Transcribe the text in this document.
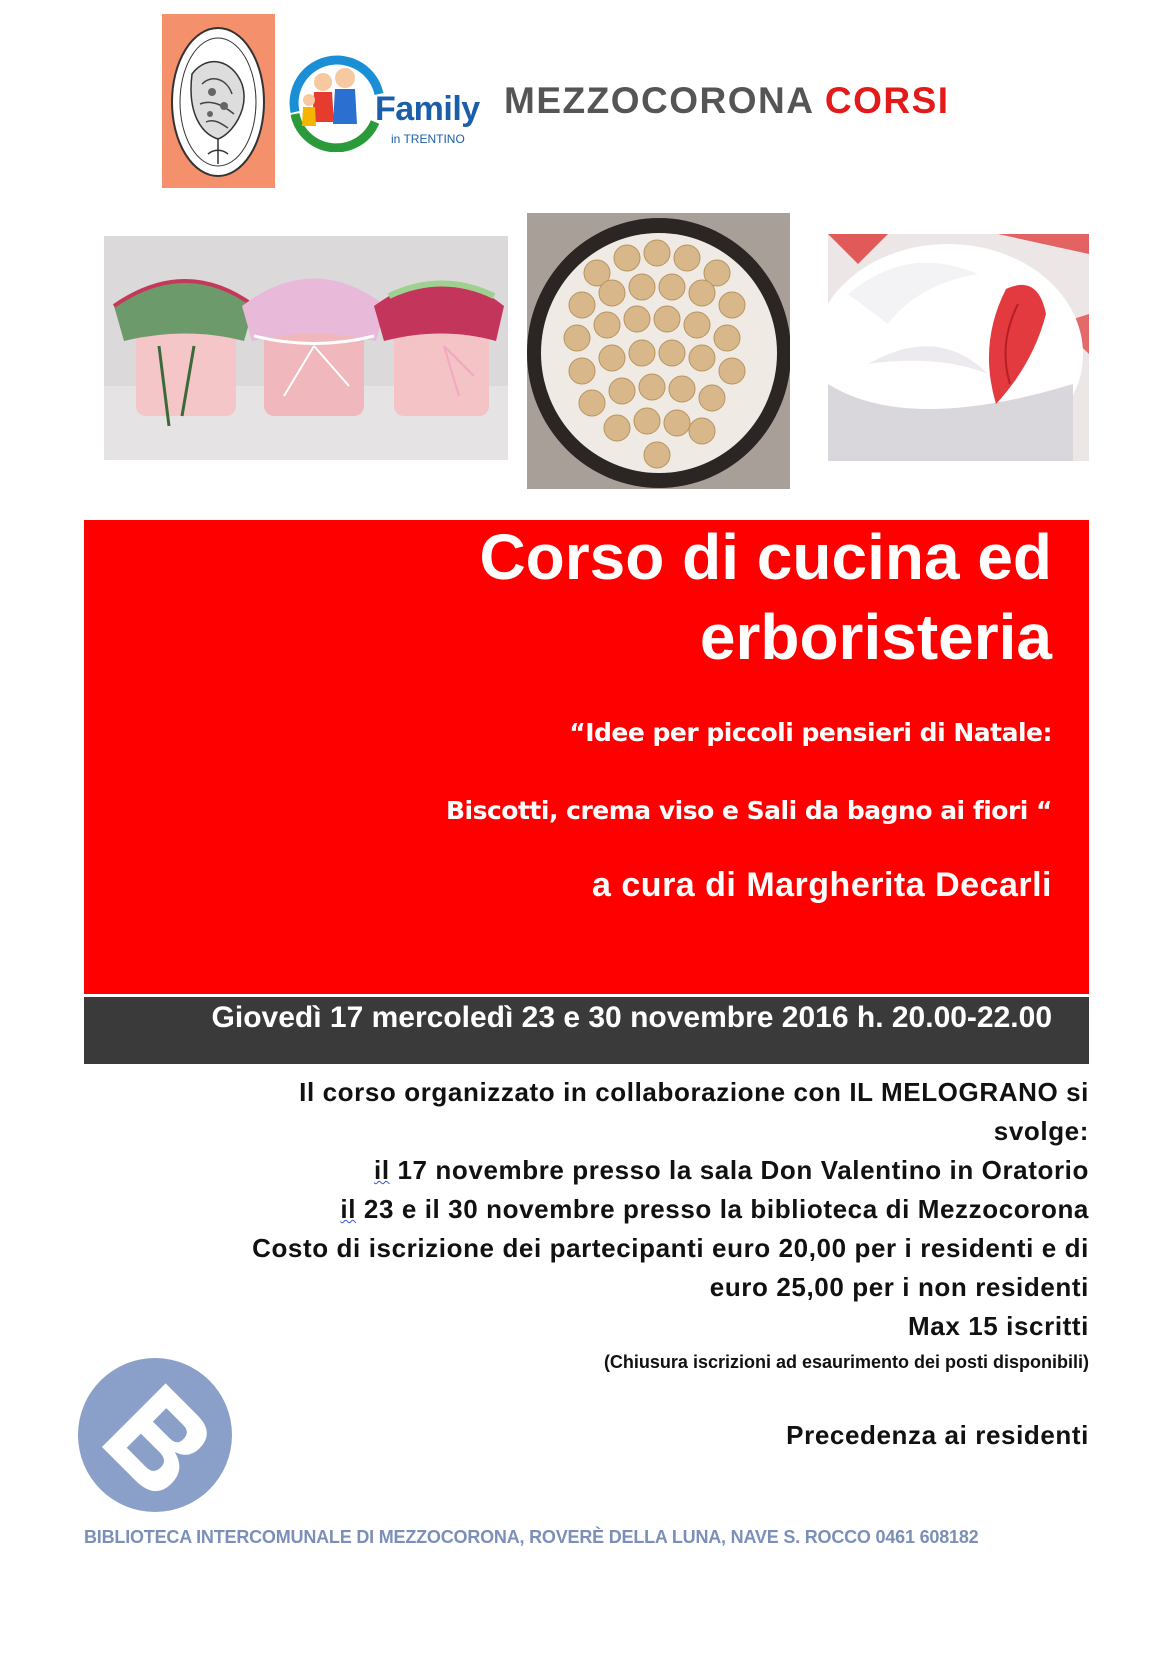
Family
in TRENTINO
MEZZOCORONA CORSI
Corso di cucina ed
erboristeria
“Idee per piccoli pensieri di Natale:
Biscotti, crema viso e Sali da bagno ai fiori “
a cura di Margherita Decarli
Giovedì 17 mercoledì 23 e 30 novembre 2016 h. 20.00-22.00
Il corso organizzato in collaborazione con IL MELOGRANO si
svolge:
il 17 novembre presso la sala Don Valentino in Oratorio
il 23 e il 30 novembre presso la biblioteca di Mezzocorona
Costo di iscrizione dei partecipanti euro 20,00 per i residenti e di
euro 25,00 per i non residenti
Max 15 iscritti
(Chiusura iscrizioni ad esaurimento dei posti disponibili)
Precedenza ai residenti
BIBLIOTECA INTERCOMUNALE DI MEZZOCORONA, ROVERÈ DELLA LUNA, NAVE S. ROCCO 0461 608182
